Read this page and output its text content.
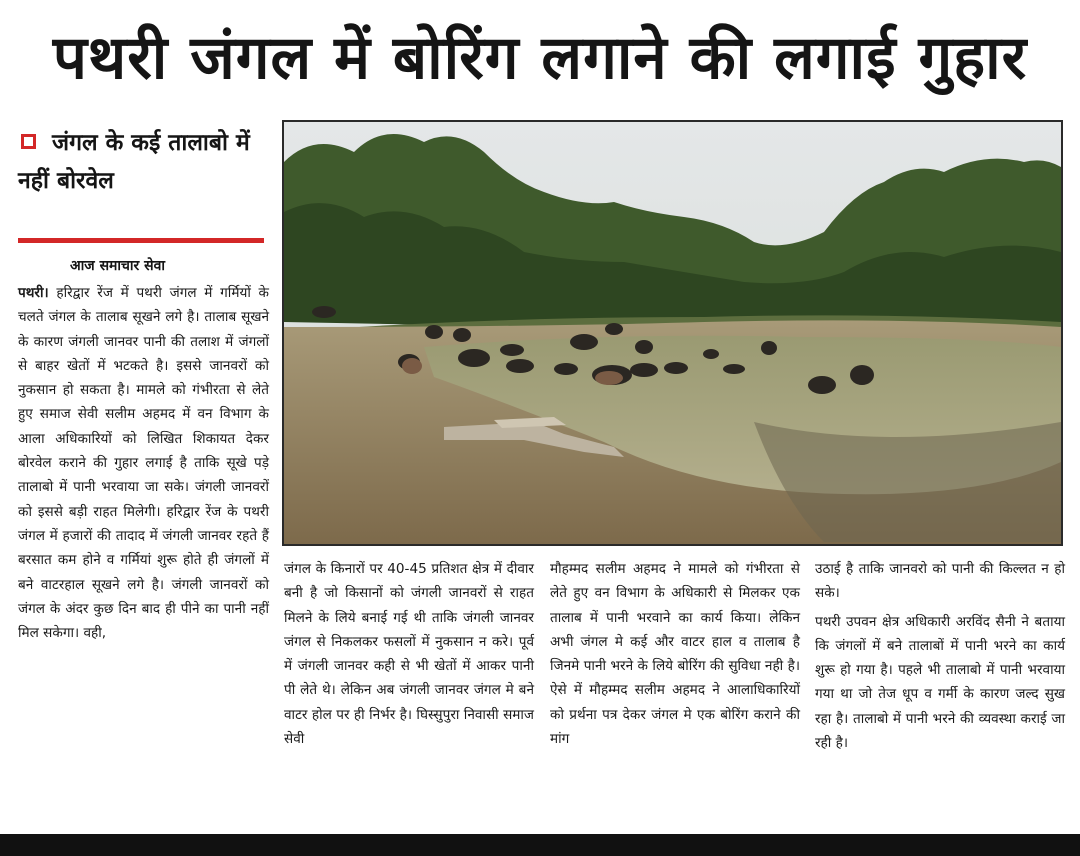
पथरी जंगल में बोरिंग लगाने की लगाई गुहार
जंगल के कई तालाबो में नहीं बोरवेल
आज समाचार सेवा

पथरी। हरिद्वार रेंज में पथरी जंगल में गर्मियों के चलते जंगल के तालाब सूखने लगे है। तालाब सूखने के कारण जंगली जानवर पानी की तलाश में जंगलों से बाहर खेतों में भटकते है। इससे जानवरों को नुकसान हो सकता है। मामले को गंभीरता से लेते हुए समाज सेवी सलीम अहमद में वन विभाग के आला अधिकारियों को लिखित शिकायत देकर बोरवेल कराने की गुहार लगाई है ताकि सूखे पड़े तालाबो में पानी भरवाया जा सके। जंगली जानवरों को इससे बड़ी राहत मिलेगी। हरिद्वार रेंज के पथरी जंगल में हजारों की तादाद में जंगली जानवर रहते हैं बरसात कम होने व गर्मियां शुरू होते ही जंगलों में बने वाटरहाल सूखने लगे है। जंगली जानवरों को जंगल के अंदर कुछ दिन बाद ही पीने का पानी नहीं मिल सकेगा। वही,

जंगल के किनारों पर 40-45 प्रतिशत क्षेत्र में दीवार बनी है जो किसानों को जंगली जानवरों से राहत मिलने के लिये बनाई गई थी ताकि जंगली जानवर जंगल से निकलकर फसलों में नुकसान न करे। पूर्व में जंगली जानवर कही से भी खेतों में आकर पानी पी लेते थे। लेकिन अब जंगली जानवर जंगल मे बने वाटर होल पर ही निर्भर है। घिस्सुपुरा निवासी समाज सेवी

मौहम्मद सलीम अहमद ने मामले को गंभीरता से लेते हुए वन विभाग के अधिकारी से मिलकर एक तालाब में पानी भरवाने का कार्य किया। लेकिन अभी जंगल मे कई और वाटर हाल व तालाब है जिनमे पानी भरने के लिये बोरिंग की सुविधा नही है। ऐसे में मौहम्मद सलीम अहमद ने आलाधिकारियों को प्रर्थना पत्र देकर जंगल मे एक बोरिंग कराने की मांग

उठाई है ताकि जानवरो को पानी की किल्लत न हो सके।

पथरी उपवन क्षेत्र अधिकारी अरविंद सैनी ने बताया कि जंगलों में बने तालाबों में पानी भरने का कार्य शुरू हो गया है। पहले भी तालाबो में पानी भरवाया गया था जो तेज धूप व गर्मी के कारण जल्द सुख रहा है। तालाबो में पानी भरने की व्यवस्था कराई जा रही है।
